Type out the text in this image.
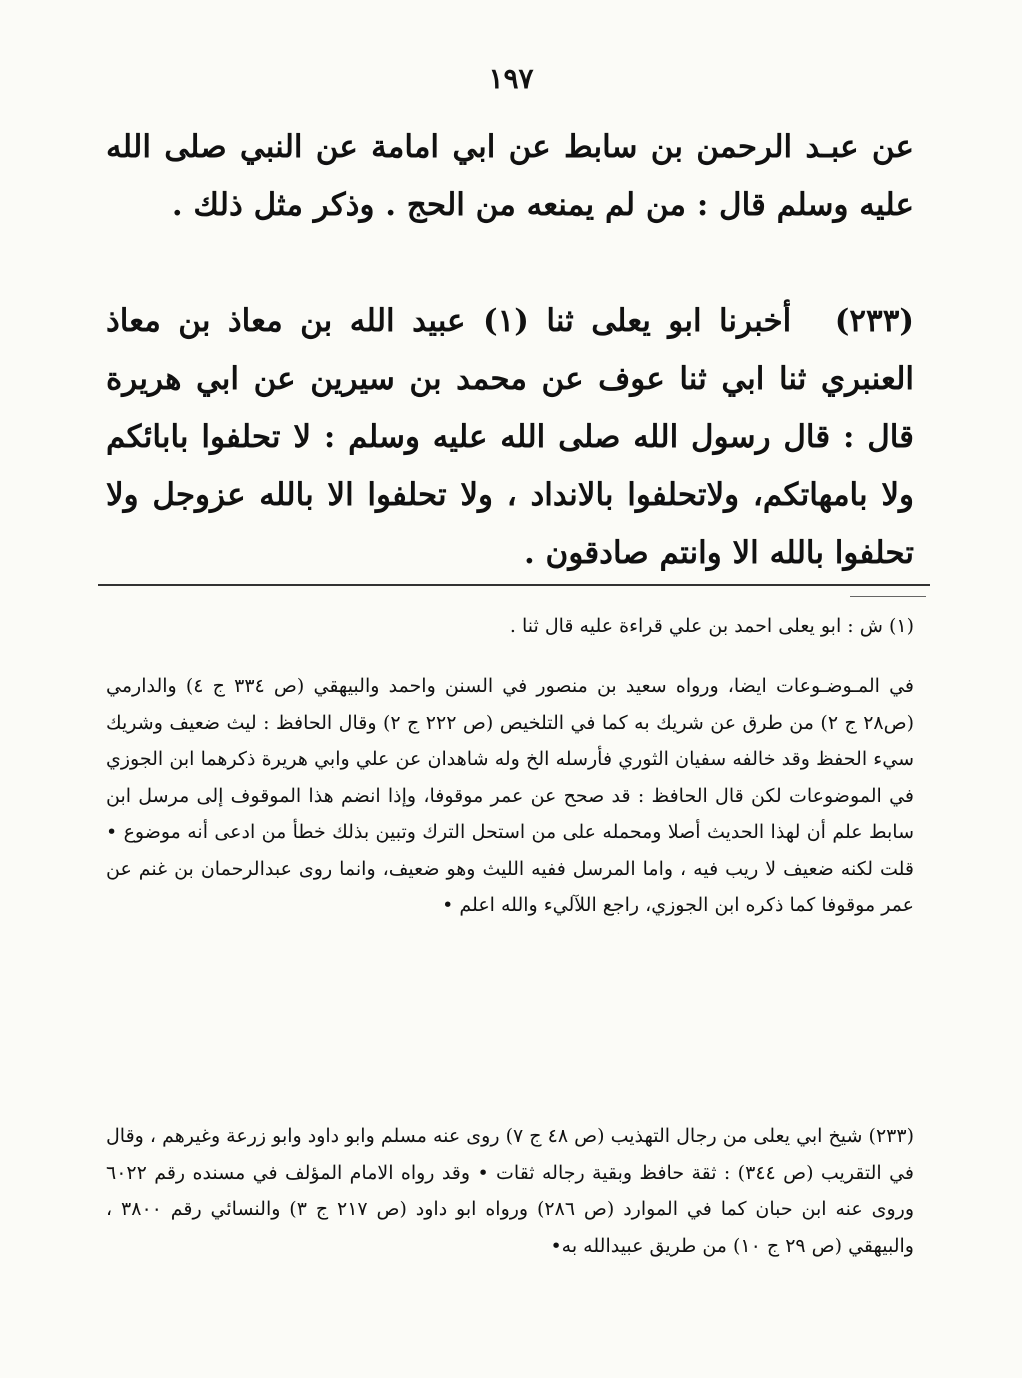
١٩٧
عن عبـد الرحمن بن سابط عن ابي امامة عن النبي صلى الله عليه وسلم قال : من لم يمنعه من الحج . وذكر مثل ذلك .
(٢٣٣) أخبرنا ابو يعلى ثنا (١) عبيد الله بن معاذ بن معاذ العنبري ثنا ابي ثنا عوف عن محمد بن سيرين عن ابي هريرة قال : قال رسول الله صلى الله عليه وسلم : لا تحلفوا بابائكم ولا بامهاتكم، ولاتحلفوا بالانداد ، ولا تحلفوا الا بالله عزوجل ولا تحلفوا بالله الا وانتم صادقون .
(١) ش : ابو يعلى احمد بن علي قراءة عليه قال ثنا .
في المـوضـوعات ايضا، ورواه سعيد بن منصور في السنن واحمد والبيهقي (ص ٣٣٤ ج ٤) والدارمي (ص٢٨ ج ٢) من طرق عن شريك به كما في التلخيص (ص ٢٢٢ ج ٢) وقال الحافظ : ليث ضعيف وشريك سيء الحفظ وقد خالفه سفيان الثوري فأرسله الخ وله شاهدان عن علي وابي هريرة ذكرهما ابن الجوزي في الموضوعات لكن قال الحافظ : قد صحح عن عمر موقوفا، وإذا انضم هذا الموقوف إلى مرسل ابن سابط علم أن لهذا الحديث أصلا ومحمله على من استحل الترك وتبين بذلك خطأ من ادعى أنه موضوع • قلت لكنه ضعيف لا ريب فيه ، واما المرسل ففيه الليث وهو ضعيف، وانما روى عبدالرحمان بن غنم عن عمر موقوفا كما ذكره ابن الجوزي، راجع اللآليء والله اعلم •
(٢٣٣) شيخ ابي يعلى من رجال التهذيب (ص ٤٨ ج ٧) روى عنه مسلم وابو داود وابو زرعة وغيرهم ، وقال في التقريب (ص ٣٤٤) : ثقة حافظ وبقية رجاله ثقات • وقد رواه الامام المؤلف في مسنده رقم ٦٠٢٢ وروى عنه ابن حبان كما في الموارد (ص ٢٨٦) ورواه ابو داود (ص ٢١٧ ج ٣) والنسائي رقم ٣٨٠٠ ، والبيهقي (ص ٢٩ ج ١٠) من طريق عبيدالله به•
